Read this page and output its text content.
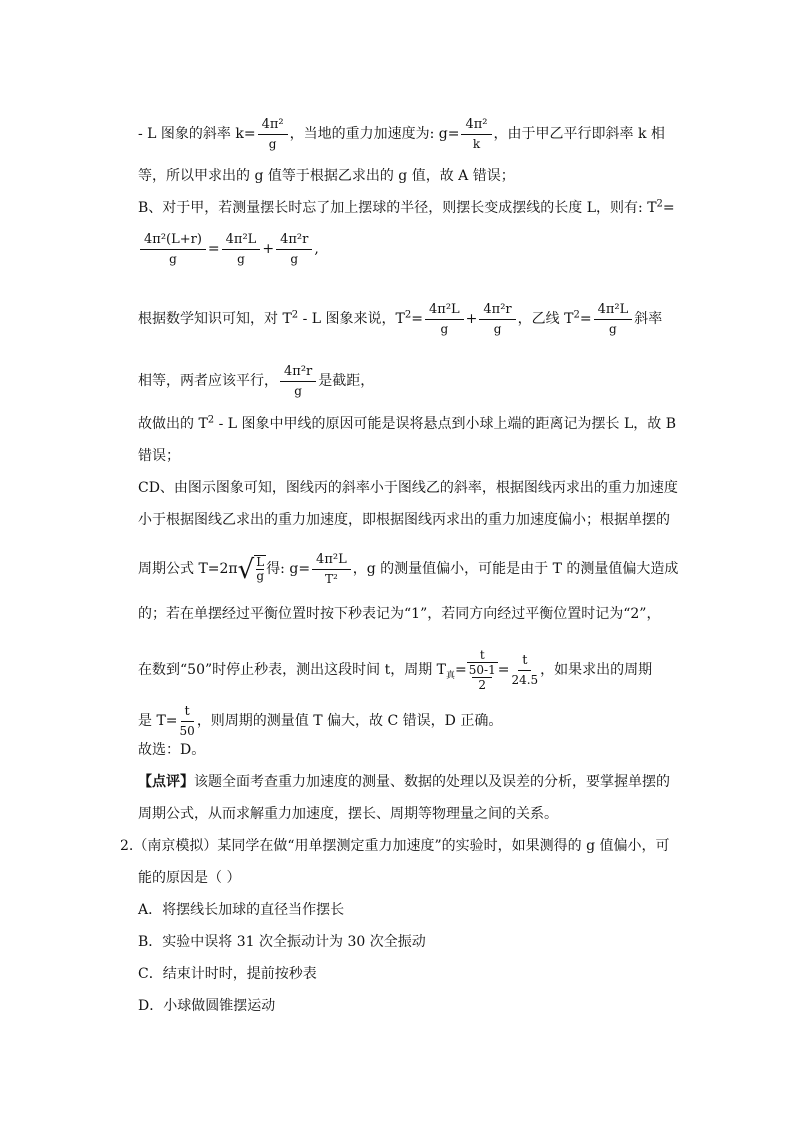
- L 图象的斜率 $k= \frac{\text{4π²}}{g}$ ，当地的重力加速度为: $g= \frac{\text{4π²}}{k}$ ，由于甲乙平行即斜率 k 相
等，所以甲求出的 g 值等于根据乙求出的 g 值，故 A 错误；
B、对于甲，若测量摆长时忘了加上摆球的半径，则摆长变成摆线的长度 L，则有: $T^2=$
$\frac{\text{4π²(L+r)}}{g} = \frac{\text{4π²L}}{g} + \frac{\text{4π²r}}{g}$ ,
根据数学知识可知，对 $T^2$ - L 图象来说，$T^2= \frac{\text{4π²L}}{g} + \frac{\text{4π²r}}{g}$ ，乙线 $T^2= \frac{\text{4π²L}}{g}$ 斜率
相等，两者应该平行， $\frac{\text{4π²r}}{g}$ 是截距，
故做出的 $T^2$ - L 图象中甲线的原因可能是误将悬点到小球上端的距离记为摆长 L，故 B
错误；
CD、由图示图象可知，图线丙的斜率小于图线乙的斜率，根据图线丙求出的重力加速度
小于根据图线乙求出的重力加速度，即根据图线丙求出的重力加速度偏小；根据单摆的
周期公式 T=2π √ L
g 得: $g= \frac{\text{4π²L}}{\text{T²}}$ ，g 的测量值偏小，可能是由于 T 的测量值偏大造成
的；若在单摆经过平衡位置时按下秒表记为“1”，若同方向经过平衡位置时记为“2”，
在数到“50”时停止秒表，测出这段时间 t，周期 $T_真=$
t
50-1
2
= $\frac{t}{24.5}$ ，如果求出的周期
是 $T= \frac{t}{50}$ ，则周期的测量值 T 偏大，故 C 错误，D 正确。
故选：D。
【点评】该题全面考查重力加速度的测量、数据的处理以及误差的分析，要掌握单摆的
周期公式，从而求解重力加速度，摆长、周期等物理量之间的关系。
2.（南京模拟）某同学在做“用单摆测定重力加速度”的实验时，如果测得的 g 值偏小，可
能的原因是（ ）
A．将摆线长加球的直径当作摆长
B．实验中误将 31 次全振动计为 30 次全振动
C．结束计时时，提前按秒表
D．小球做圆锥摆运动
